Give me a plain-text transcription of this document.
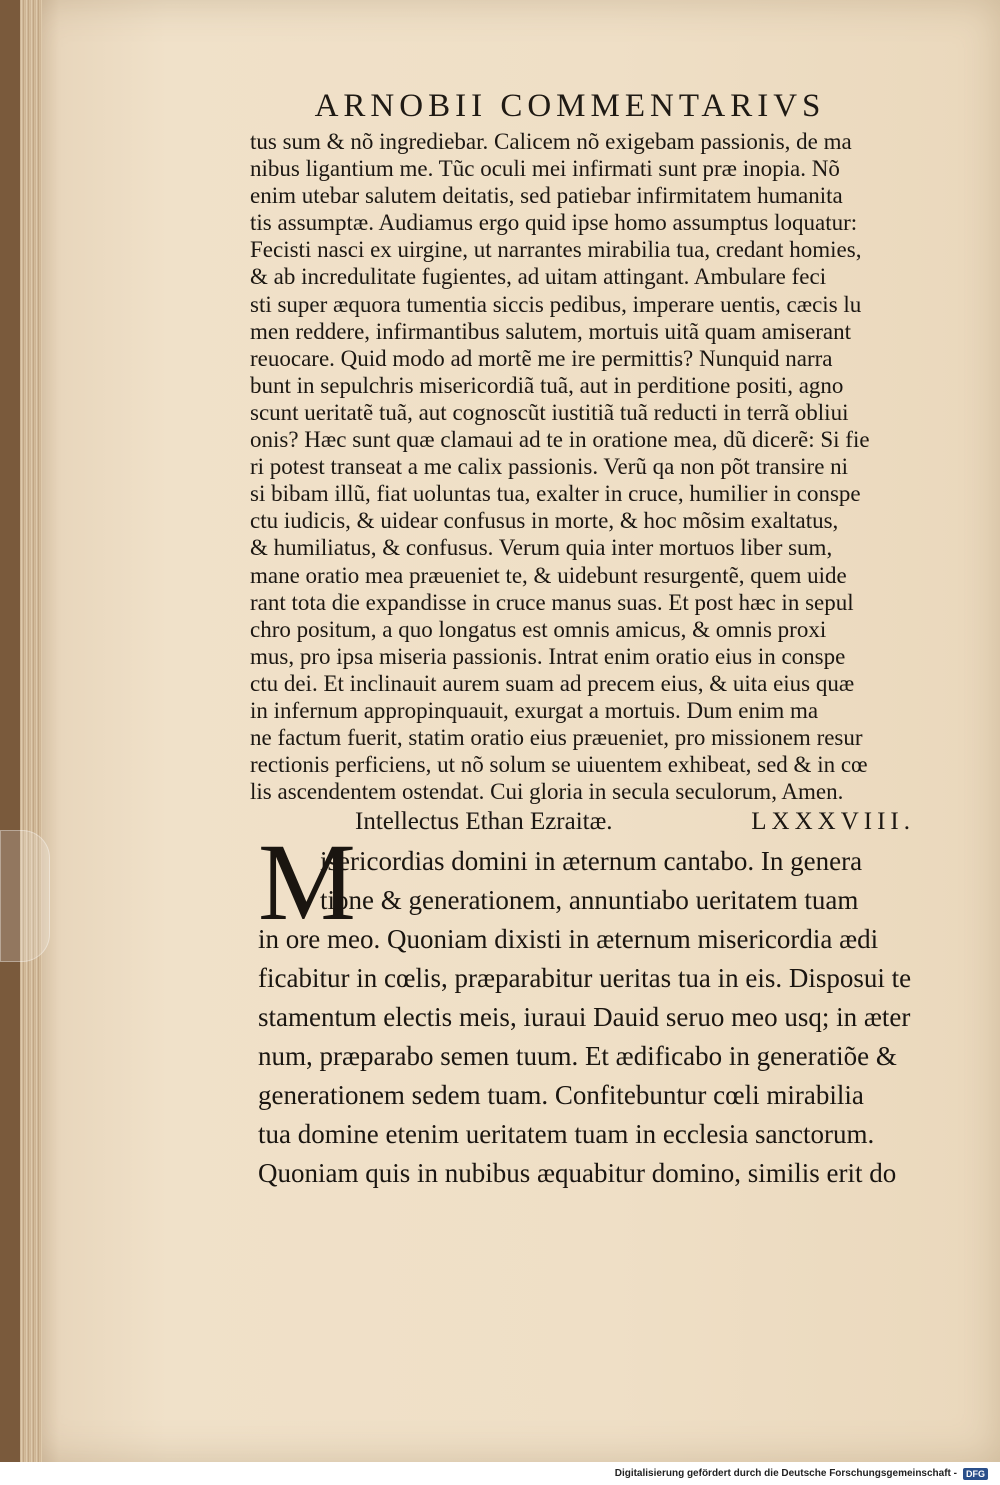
ARNOBII COMMENTARIVS
tus sum & nõ ingrediebar. Calicem nõ exigebam passionis, de ma
nibus ligantium me. Tũc oculi mei infirmati sunt præ inopia. Nõ
enim utebar salutem deitatis, sed patiebar infirmitatem humanita
tis assumptæ. Audiamus ergo quid ipse homo assumptus loquatur:
Fecisti nasci ex uirgine, ut narrantes mirabilia tua, credant homies,
& ab incredulitate fugientes, ad uitam attingant. Ambulare feci
sti super æquora tumentia siccis pedibus, imperare uentis, cæcis lu
men reddere, infirmantibus salutem, mortuis uitã quam amiserant
reuocare. Quid modo ad mortẽ me ire permittis? Nunquid narra
bunt in sepulchris misericordiã tuã, aut in perditione positi, agno
scunt ueritatẽ tuã, aut cognoscũt iustitiã tuã reducti in terrã obliui
onis? Hæc sunt quæ clamaui ad te in oratione mea, dũ dicerẽ: Si fie
ri potest transeat a me calix passionis. Verũ qa non põt transire ni
si bibam illũ, fiat uoluntas tua, exalter in cruce, humilier in conspe
ctu iudicis, & uidear confusus in morte, & hoc mõsim exaltatus,
& humiliatus, & confusus. Verum quia inter mortuos liber sum,
mane oratio mea præueniet te, & uidebunt resurgentẽ, quem uide
rant tota die expandisse in cruce manus suas. Et post hæc in sepul
chro positum, a quo longatus est omnis amicus, & omnis proxi
mus, pro ipsa miseria passionis. Intrat enim oratio eius in conspe
ctu dei. Et inclinauit aurem suam ad precem eius, & uita eius quæ
in infernum appropinquauit, exurgat a mortuis. Dum enim ma
ne factum fuerit, statim oratio eius præueniet, pro missionem resur
rectionis perficiens, ut nõ solum se uiuentem exhibeat, sed & in cœ
lis ascendentem ostendat. Cui gloria in secula seculorum, Amen.
Intellectus Ethan Ezraitæ.	LXXXVIII.
M
isericordias domini in æternum cantabo. In genera
tione & generationem, annuntiabo ueritatem tuam
in ore meo. Quoniam dixisti in æternum misericordia ædi
ficabitur in cœlis, præparabitur ueritas tua in eis. Disposui te
stamentum electis meis, iuraui Dauid seruo meo usq; in æter
num, præparabo semen tuum. Et ædificabo in generatiõe &
generationem sedem tuam. Confitebuntur cœli mirabilia
tua domine etenim ueritatem tuam in ecclesia sanctorum.
Quoniam quis in nubibus æquabitur domino, similis erit do
Digitalisierung gefördert durch die Deutsche Forschungsgemeinschaft -	DFG
